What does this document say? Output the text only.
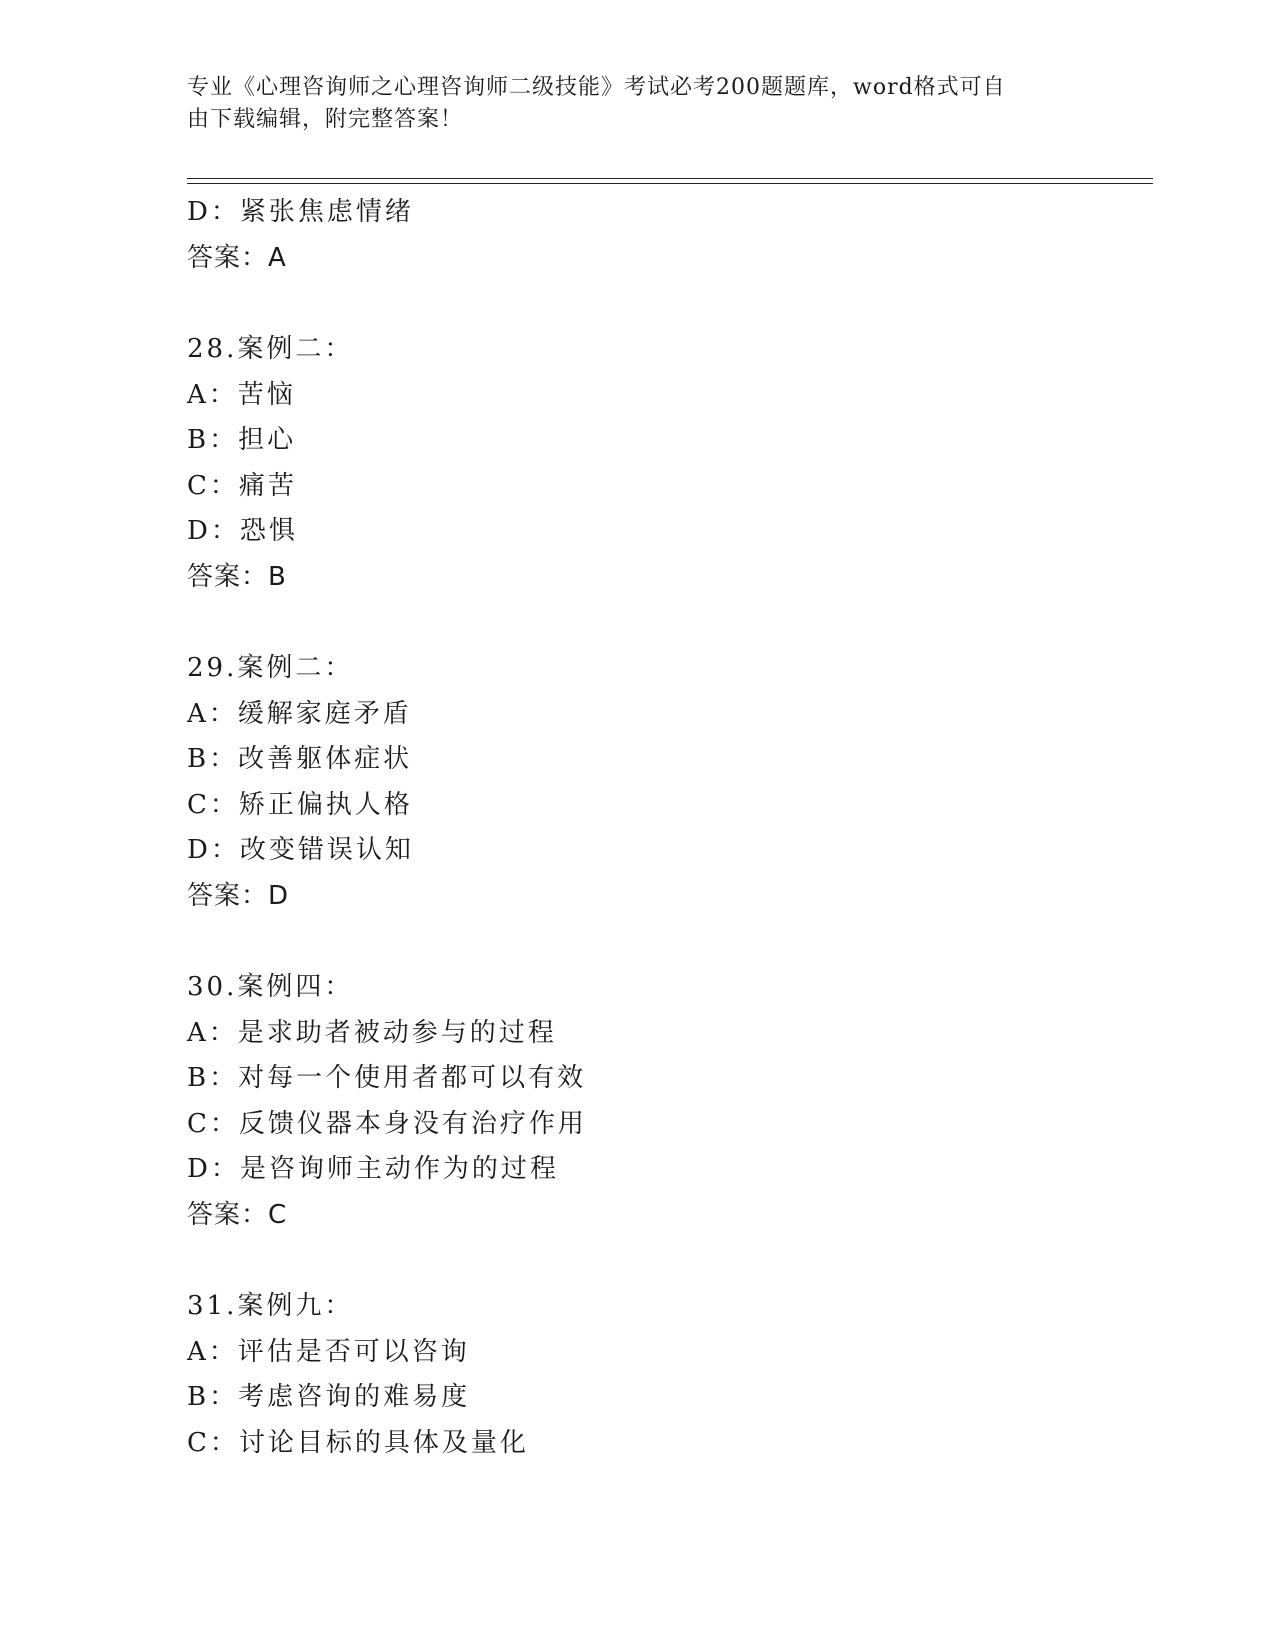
专业《心理咨询师之心理咨询师二级技能》考试必考200题题库，word格式可自
由下载编辑，附完整答案！
D：紧张焦虑情绪
答案：A
28.案例二：
A：苦恼
B：担心
C：痛苦
D：恐惧
答案：B
29.案例二：
A：缓解家庭矛盾
B：改善躯体症状
C：矫正偏执人格
D：改变错误认知
答案：D
30.案例四：
A：是求助者被动参与的过程
B：对每一个使用者都可以有效
C：反馈仪器本身没有治疗作用
D：是咨询师主动作为的过程
答案：C
31.案例九：
A：评估是否可以咨询
B：考虑咨询的难易度
C：讨论目标的具体及量化
